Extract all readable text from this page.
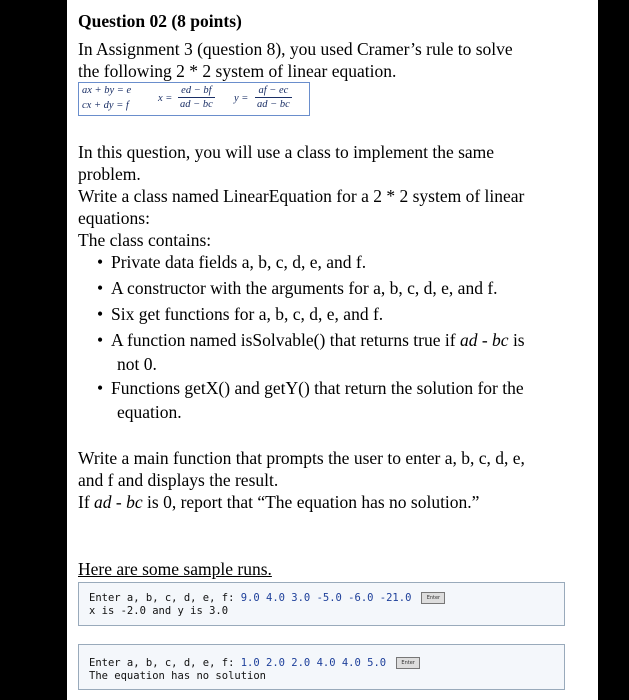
Question 02 (8 points)
In Assignment 3 (question 8), you used Cramer’s rule to solve
the following 2 * 2 system of linear equation.
ax + by = e
cx + dy = f
$x = \frac{ed - bf}{ad - bc}$ $y = \frac{af - ec}{ad - bc}$
In this question, you will use a class to implement the same
problem.
Write a class named LinearEquation for a 2 * 2 system of linear
equations:
The class contains:
• Private data fields a, b, c, d, e, and f.
• A constructor with the arguments for a, b, c, d, e, and f.
• Six get functions for a, b, c, d, e, and f.
• A function named isSolvable() that returns true if ad - bc is
not 0.
• Functions getX() and getY() that return the solution for the
equation.
Write a main function that prompts the user to enter a, b, c, d, e,
and f and displays the result.
If ad - bc is 0, report that “The equation has no solution.”
Here are some sample runs.
Enter a, b, c, d, e, f: 9.0 4.0 3.0 -5.0 -6.0 -21.0	Enter
x is -2.0 and y is 3.0
Enter a, b, c, d, e, f: 1.0 2.0 2.0 4.0 4.0 5.0	Enter
The equation has no solution
